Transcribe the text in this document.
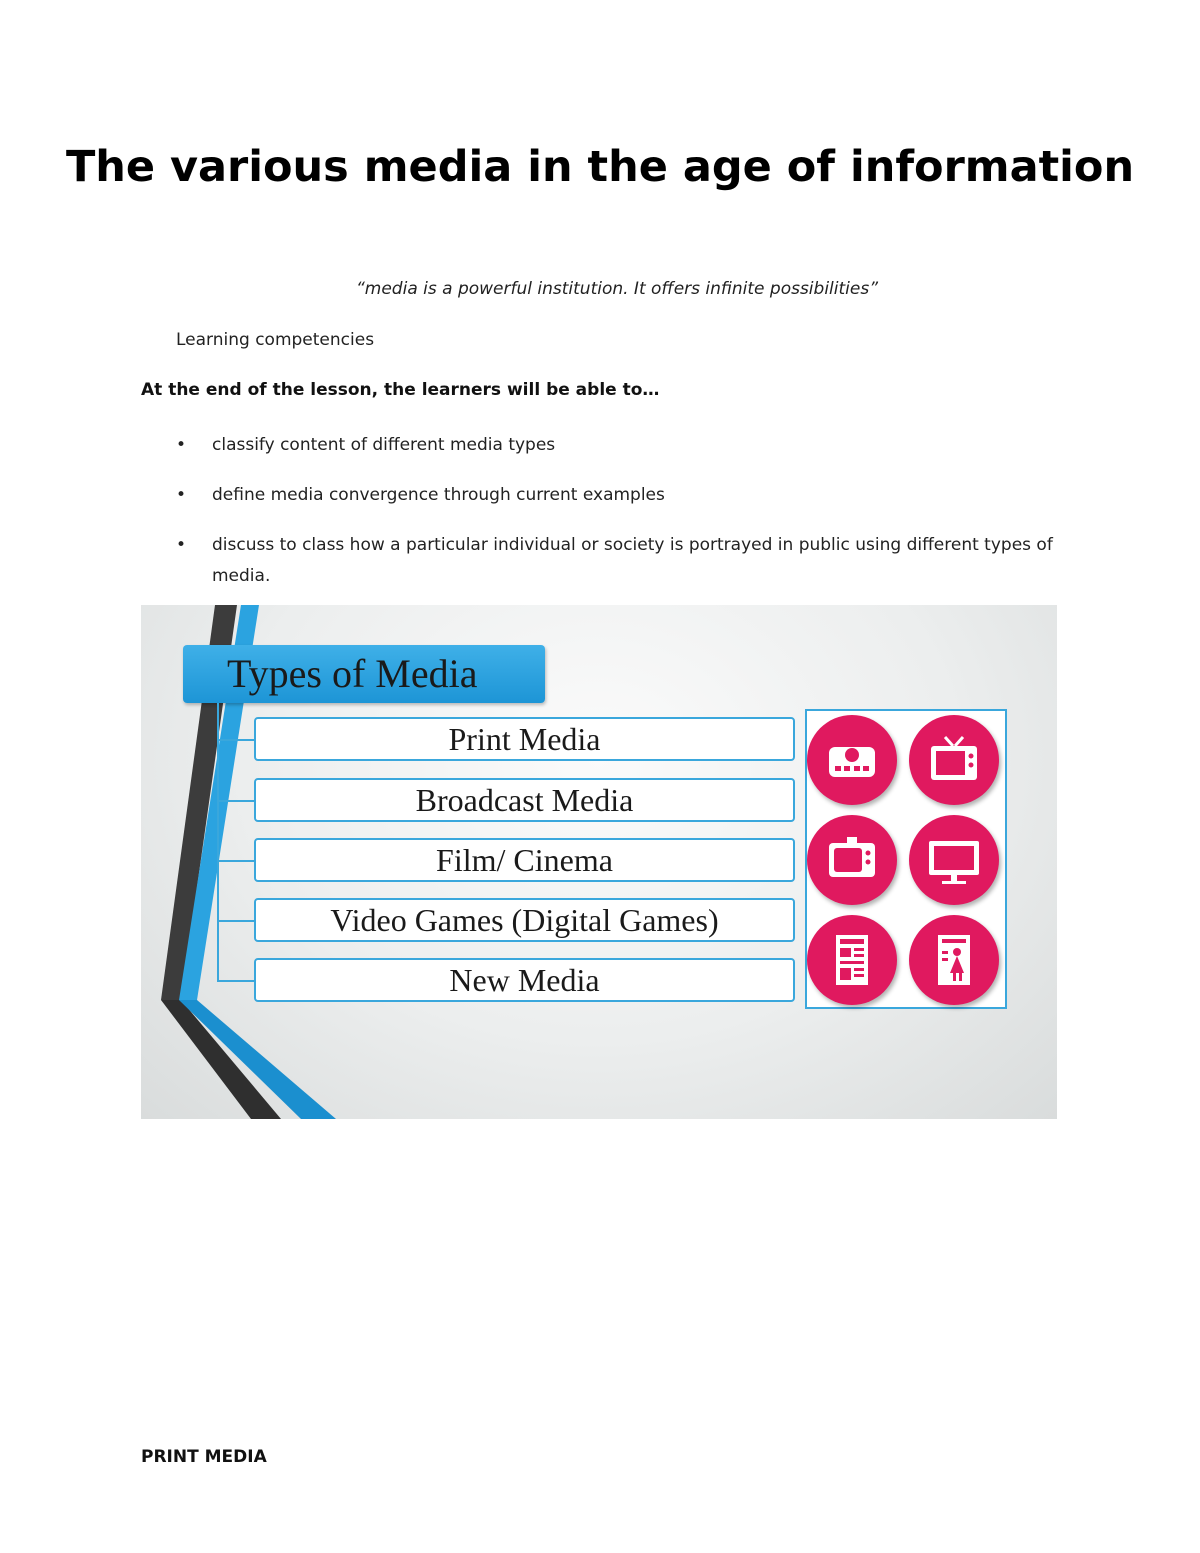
The various media in the age of information
“media is a powerful institution. It offers infinite possibilities”
Learning competencies
At the end of the lesson, the learners will be able to…
• classify content of different media types
• define media convergence through current examples
• discuss to class how a particular individual or society is portrayed in public using different types of media.
Types of Media
Print Media
Broadcast Media
Film/ Cinema
Video Games (Digital Games)
New Media
PRINT MEDIA
